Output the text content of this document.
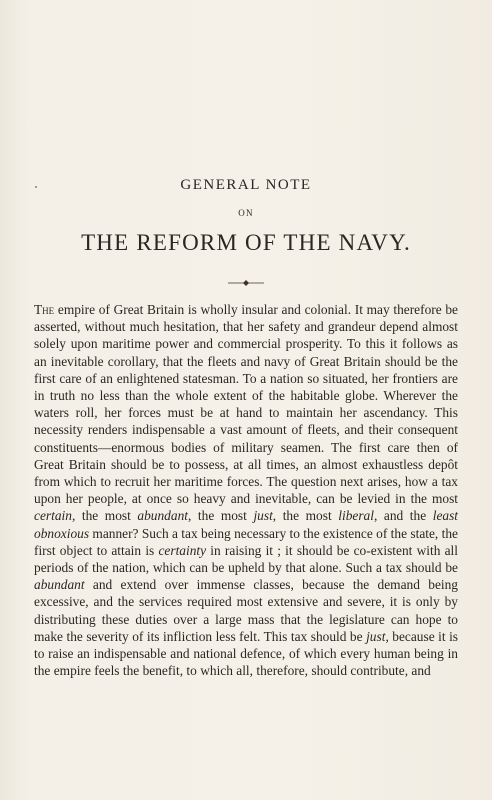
GENERAL NOTE
ON
THE REFORM OF THE NAVY.

The empire of Great Britain is wholly insular and colonial. It may therefore be asserted, without much hesitation, that her safety and grandeur depend almost solely upon maritime power and commercial prosperity. To this it follows as an inevitable corollary, that the fleets and navy of Great Britain should be the first care of an enlightened statesman. To a nation so situated, her frontiers are in truth no less than the whole extent of the habitable globe. Wherever the waters roll, her forces must be at hand to maintain her ascendancy. This necessity renders indispensable a vast amount of fleets, and their consequent constituents—enormous bodies of military seamen. The first care then of Great Britain should be to possess, at all times, an almost exhaustless depôt from which to recruit her maritime forces. The question next arises, how a tax upon her people, at once so heavy and inevitable, can be levied in the most certain, the most abundant, the most just, the most liberal, and the least obnoxious manner? Such a tax being necessary to the existence of the state, the first object to attain is certainty in raising it ; it should be co-existent with all periods of the nation, which can be upheld by that alone. Such a tax should be abundant and extend over immense classes, because the demand being excessive, and the services required most extensive and severe, it is only by distributing these duties over a large mass that the legislature can hope to make the severity of its infliction less felt. This tax should be just, because it is to raise an indispensable and national defence, of which every human being in the empire feels the benefit, to which all, therefore, should contribute, and
